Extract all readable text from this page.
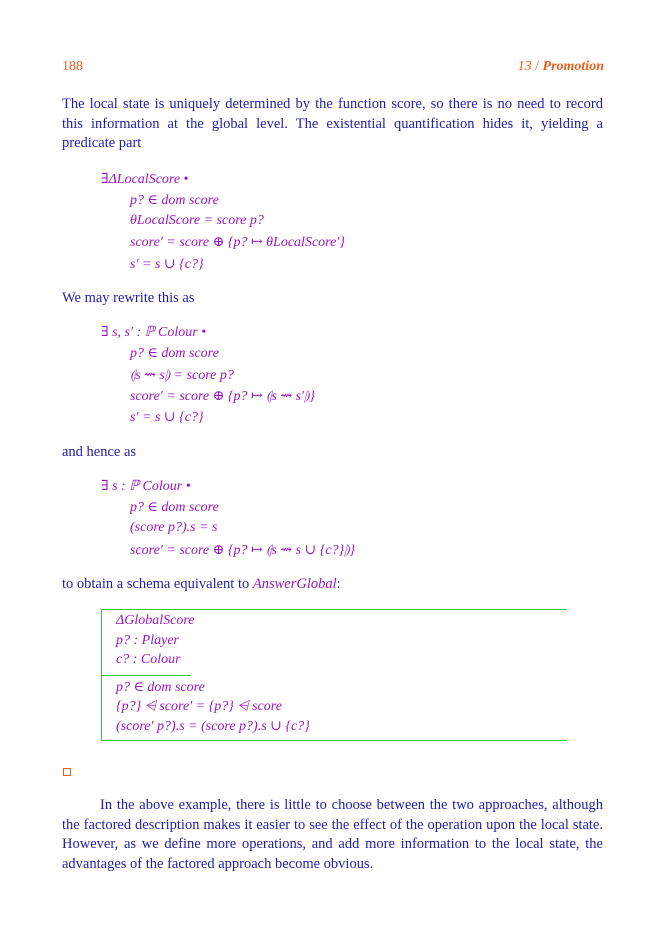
188	13 / Promotion
The local state is uniquely determined by the function score, so there is no need to record this information at the global level. The existential quantification hides it, yielding a predicate part
∃ΔLocalScore •
p? ∈ dom score
θLocalScore = score p?
score′ = score ⊕ {p? ↦ θLocalScore′}
s′ = s ∪ {c?}
We may rewrite this as
∃ s, s′ : ℙ Colour •
p? ∈ dom score
⦇s ⇝ s⦈ = score p?
score′ = score ⊕ {p? ↦ ⦇s ⇝ s′⦈}
s′ = s ∪ {c?}
and hence as
∃ s : ℙ Colour •
p? ∈ dom score
(score p?).s = s
score′ = score ⊕ {p? ↦ ⦇s ⇝ s ∪ {c?}⦈}
to obtain a schema equivalent to AnswerGlobal:
ΔGlobalScore
p? : Player
c? : Colour
p? ∈ dom score
{p?} ⩤ score′ = {p?} ⩤ score
(score′ p?).s = (score p?).s ∪ {c?}
In the above example, there is little to choose between the two approaches, although the factored description makes it easier to see the effect of the operation upon the local state. However, as we define more operations, and add more information to the local state, the advantages of the factored approach become obvious.
